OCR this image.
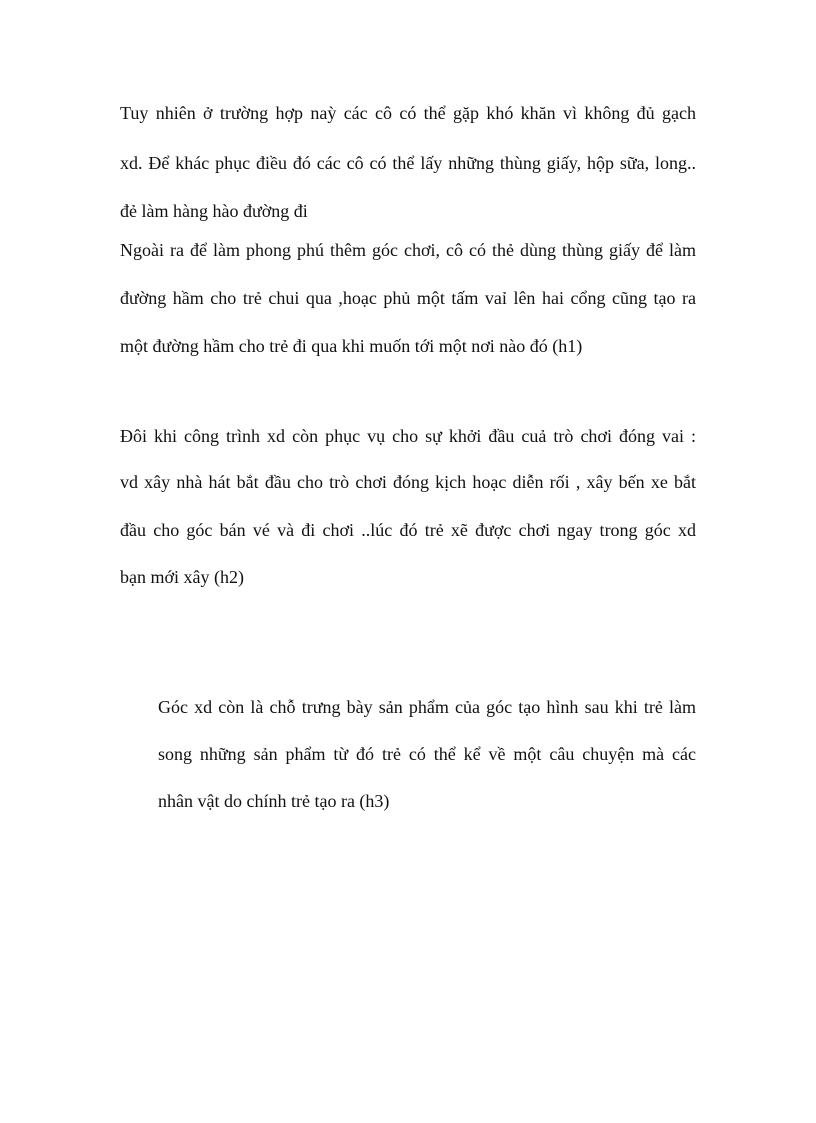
Tuy nhiên ở trường hợp naỳ các cô có thể gặp khó khăn vì không đủ gạch

xd. Để khác phục điều đó các cô có thể lấy những thùng giấy, hộp sữa, long..

đẻ làm hàng hào đường đi

Ngoài ra để làm phong phú thêm góc chơi, cô có thẻ dùng thùng giấy để làm

đường hầm cho trẻ chui qua ,hoạc phủ một tấm vaỉ lên hai cổng cũng tạo ra

một đường hầm cho trẻ đi qua khi muốn tới một nơi nào đó (h1)

Đôi khi công trình xd còn phục vụ cho sự khởi đầu cuả trò chơi đóng vai :

vd xây nhà hát bắt đầu cho trò chơi đóng kịch hoạc diễn rối , xây bến xe bắt

đầu cho góc bán vé và đi chơi ..lúc đó trẻ xẽ được chơi ngay trong góc xd

bạn mới xây (h2)

Góc xd còn là chỗ trưng bày sản phẩm của góc tạo hình sau khi trẻ làm

song những sản phẩm từ đó trẻ có thể kể về một câu chuyện mà các

nhân vật do chính trẻ tạo ra (h3)
